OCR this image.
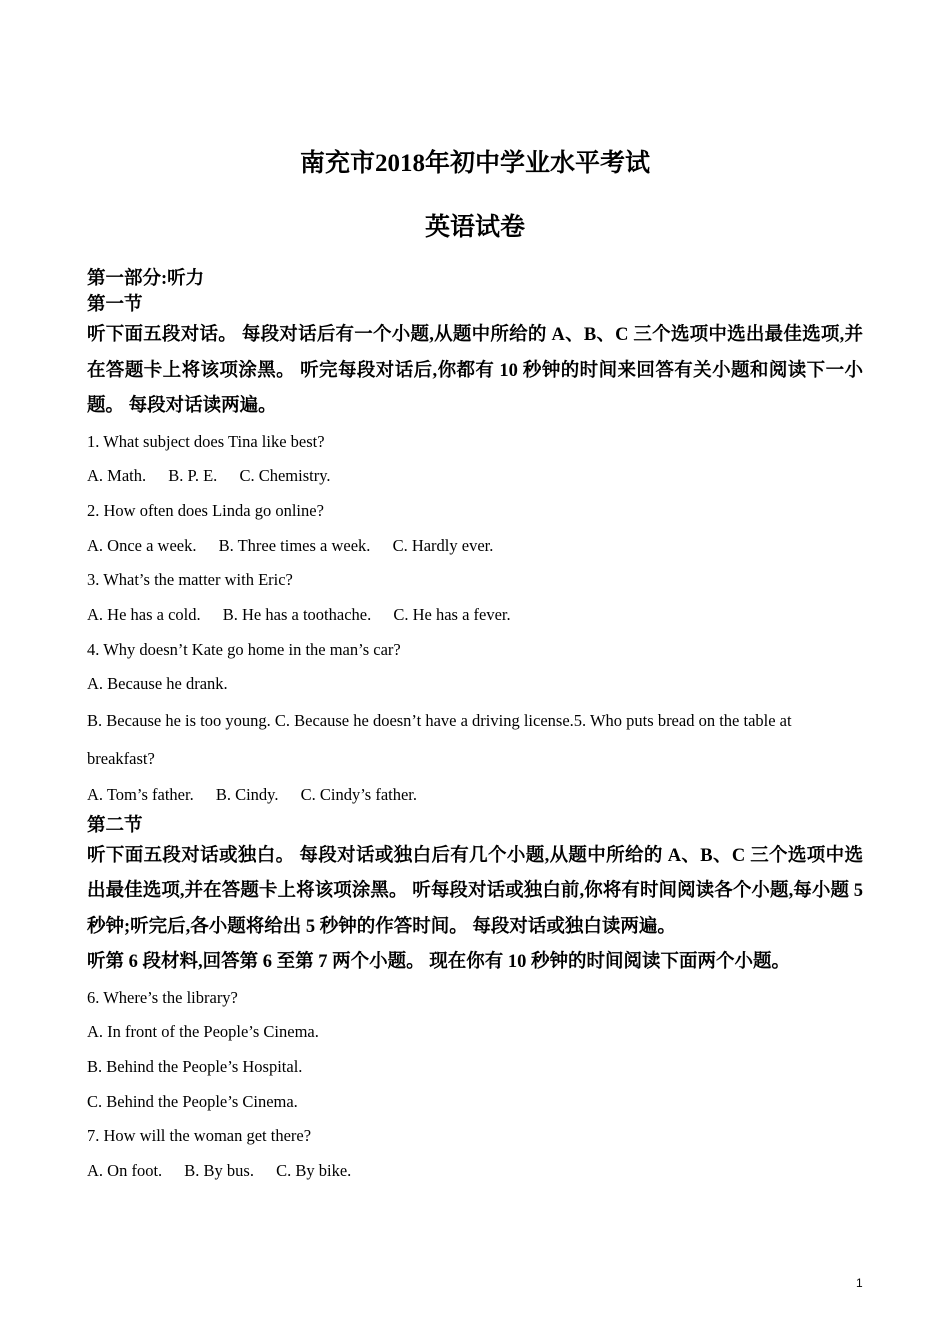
南充市2018年初中学业水平考试
英语试卷

第一部分:听力

第一节

听下面五段对话。 每段对话后有一个小题,从题中所给的 A、B、C 三个选项中选出最佳选项,并在答题卡上将该项涂黑。 听完每段对话后,你都有 10 秒钟的时间来回答有关小题和阅读下一小题。 每段对话读两遍。

1. What subject does Tina like best?

A. Math. B. P. E. C. Chemistry.

2. How often does Linda go online?

A. Once a week. B. Three times a week. C. Hardly ever.

3. What’s the matter with Eric?

A. He has a cold. B. He has a toothache. C. He has a fever.

4. Why doesn’t Kate go home in the man’s car?

A. Because he drank.

B. Because he is too young. C. Because he doesn’t have a driving license.5. Who puts bread on the table at breakfast?

A. Tom’s father. B. Cindy. C. Cindy’s father.

第二节

听下面五段对话或独白。 每段对话或独白后有几个小题,从题中所给的 A、B、C 三个选项中选出最佳选项,并在答题卡上将该项涂黑。 听每段对话或独白前,你将有时间阅读各个小题,每小题 5 秒钟;听完后,各小题将给出 5 秒钟的作答时间。 每段对话或独白读两遍。

听第 6 段材料,回答第 6 至第 7 两个小题。 现在你有 10 秒钟的时间阅读下面两个小题。

6. Where’s the library?

A. In front of the People’s Cinema.

B. Behind the People’s Hospital.

C. Behind the People’s Cinema.

7. How will the woman get there?

A. On foot. B. By bus. C. By bike.

1
